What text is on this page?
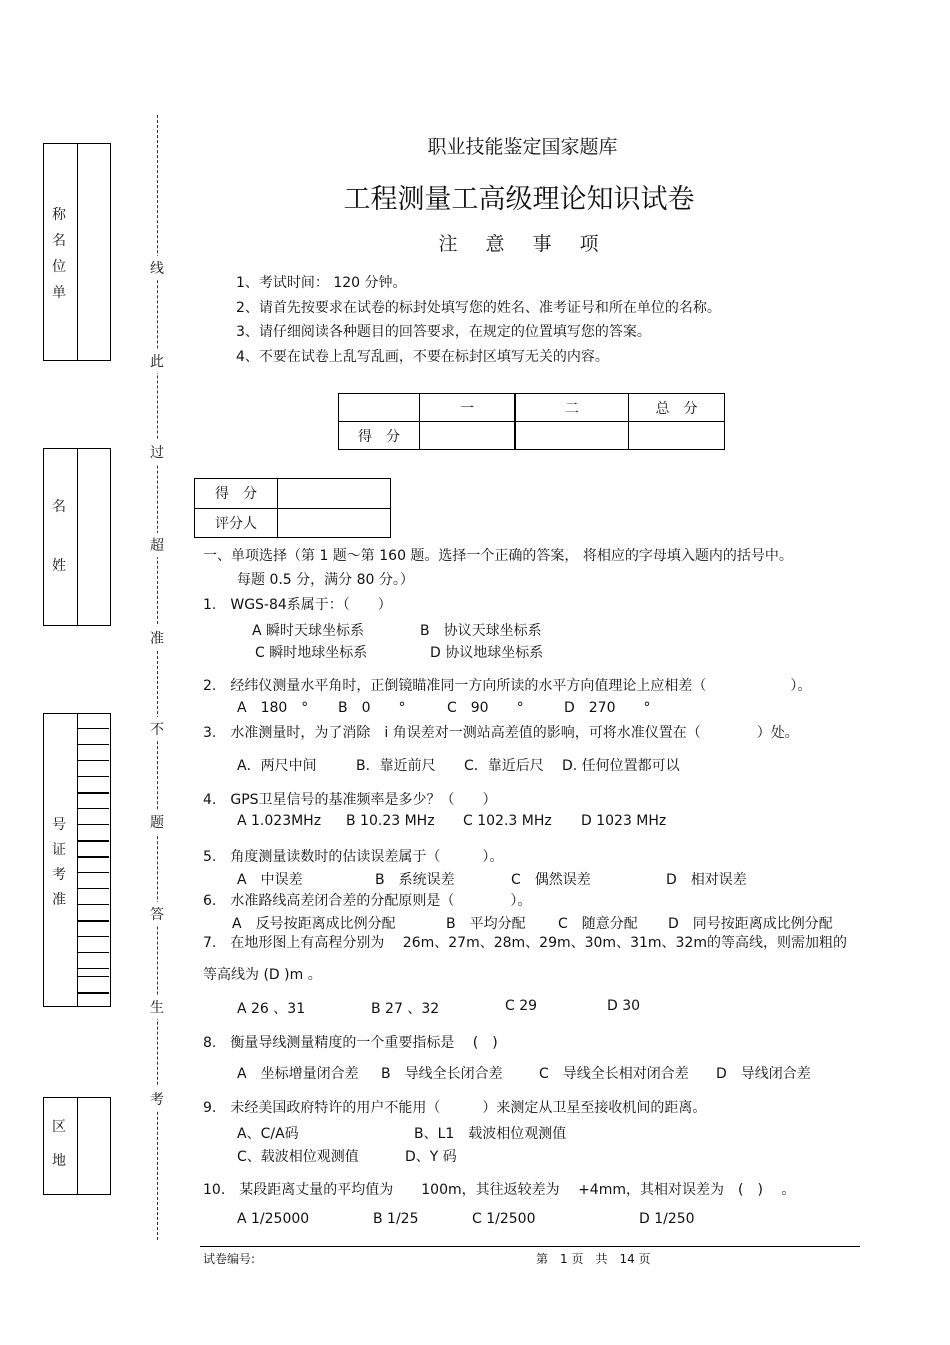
称
名
位
单
名
姓
号
证
考
准
区
地
线
此
过
超
准
不
题
答
生
考
职业技能鉴定国家题库
工程测量工高级理论知识试卷
注意事项
1、考试时间： 120 分钟。
2、请首先按要求在试卷的标封处填写您的姓名、准考证号和所在单位的名称。
3、请仔细阅读各种题目的回答要求，在规定的位置填写您的答案。
4、不要在试卷上乱写乱画，不要在标封区填写无关的内容。
	一	二	总　分
得　分			
得　分	
评分人	
一、单项选择（第 1 题～第 160 题。选择一个正确的答案， 将相应的字母填入题内的括号中。
每题 0.5 分，满分 80 分。）
1.　WGS-84系属于：（　　）
A 瞬时天球坐标系	B　协议天球坐标系
C 瞬时地球坐标系	D 协议地球坐标系
2.　经纬仪测量水平角时，正倒镜瞄准同一方向所读的水平方向值理论上应相差（　　　　　　）。
A　180　° B　0　　°	C　90　　°	D　270　　°
3.　水准测量时，为了消除　i 角误差对一测站高差值的影响，可将水准仪置在（　　　　）处。
A．两尺中间	B．靠近前尺 C．靠近后尺 D. 任何位置都可以
4.　GPS卫星信号的基准频率是多少？（　　）
A 1.023MHz B 10.23 MHz C 102.3 MHz D 1023 MHz
5.　角度测量读数时的估读误差属于（　　　）。
A　中误差	B　系统误差	C　偶然误差	D　相对误差
6.　水准路线高差闭合差的分配原则是（　　　　）。
A　反号按距离成比例分配	B　平均分配 C　随意分配 D　同号按距离成比例分配
7.　在地形图上有高程分别为　 26m、27m、28m、29m、30m、31m、32m的等高线，则需加粗的
等高线为 (D )m 。
A 26 、31	B 27 、32	C 29	D 30
8.　衡量导线测量精度的一个重要指标是　 (　)
A　坐标增量闭合差 B　导线全长闭合差	C　导线全长相对闭合差 D　导线闭合差
9.　未经美国政府特许的用户不能用（　　　）来测定从卫星至接收机间的距离。
A、C/A码	B、L1　载波相位观测值
C、载波相位观测值	D、Y 码
10.　某段距离丈量的平均值为　　100m，其往返较差为　 +4mm，其相对误差为　(　)　 。
A 1/25000	B 1/25	C 1/2500	D 1/250
试卷编号:	第　1 页　共　14 页
